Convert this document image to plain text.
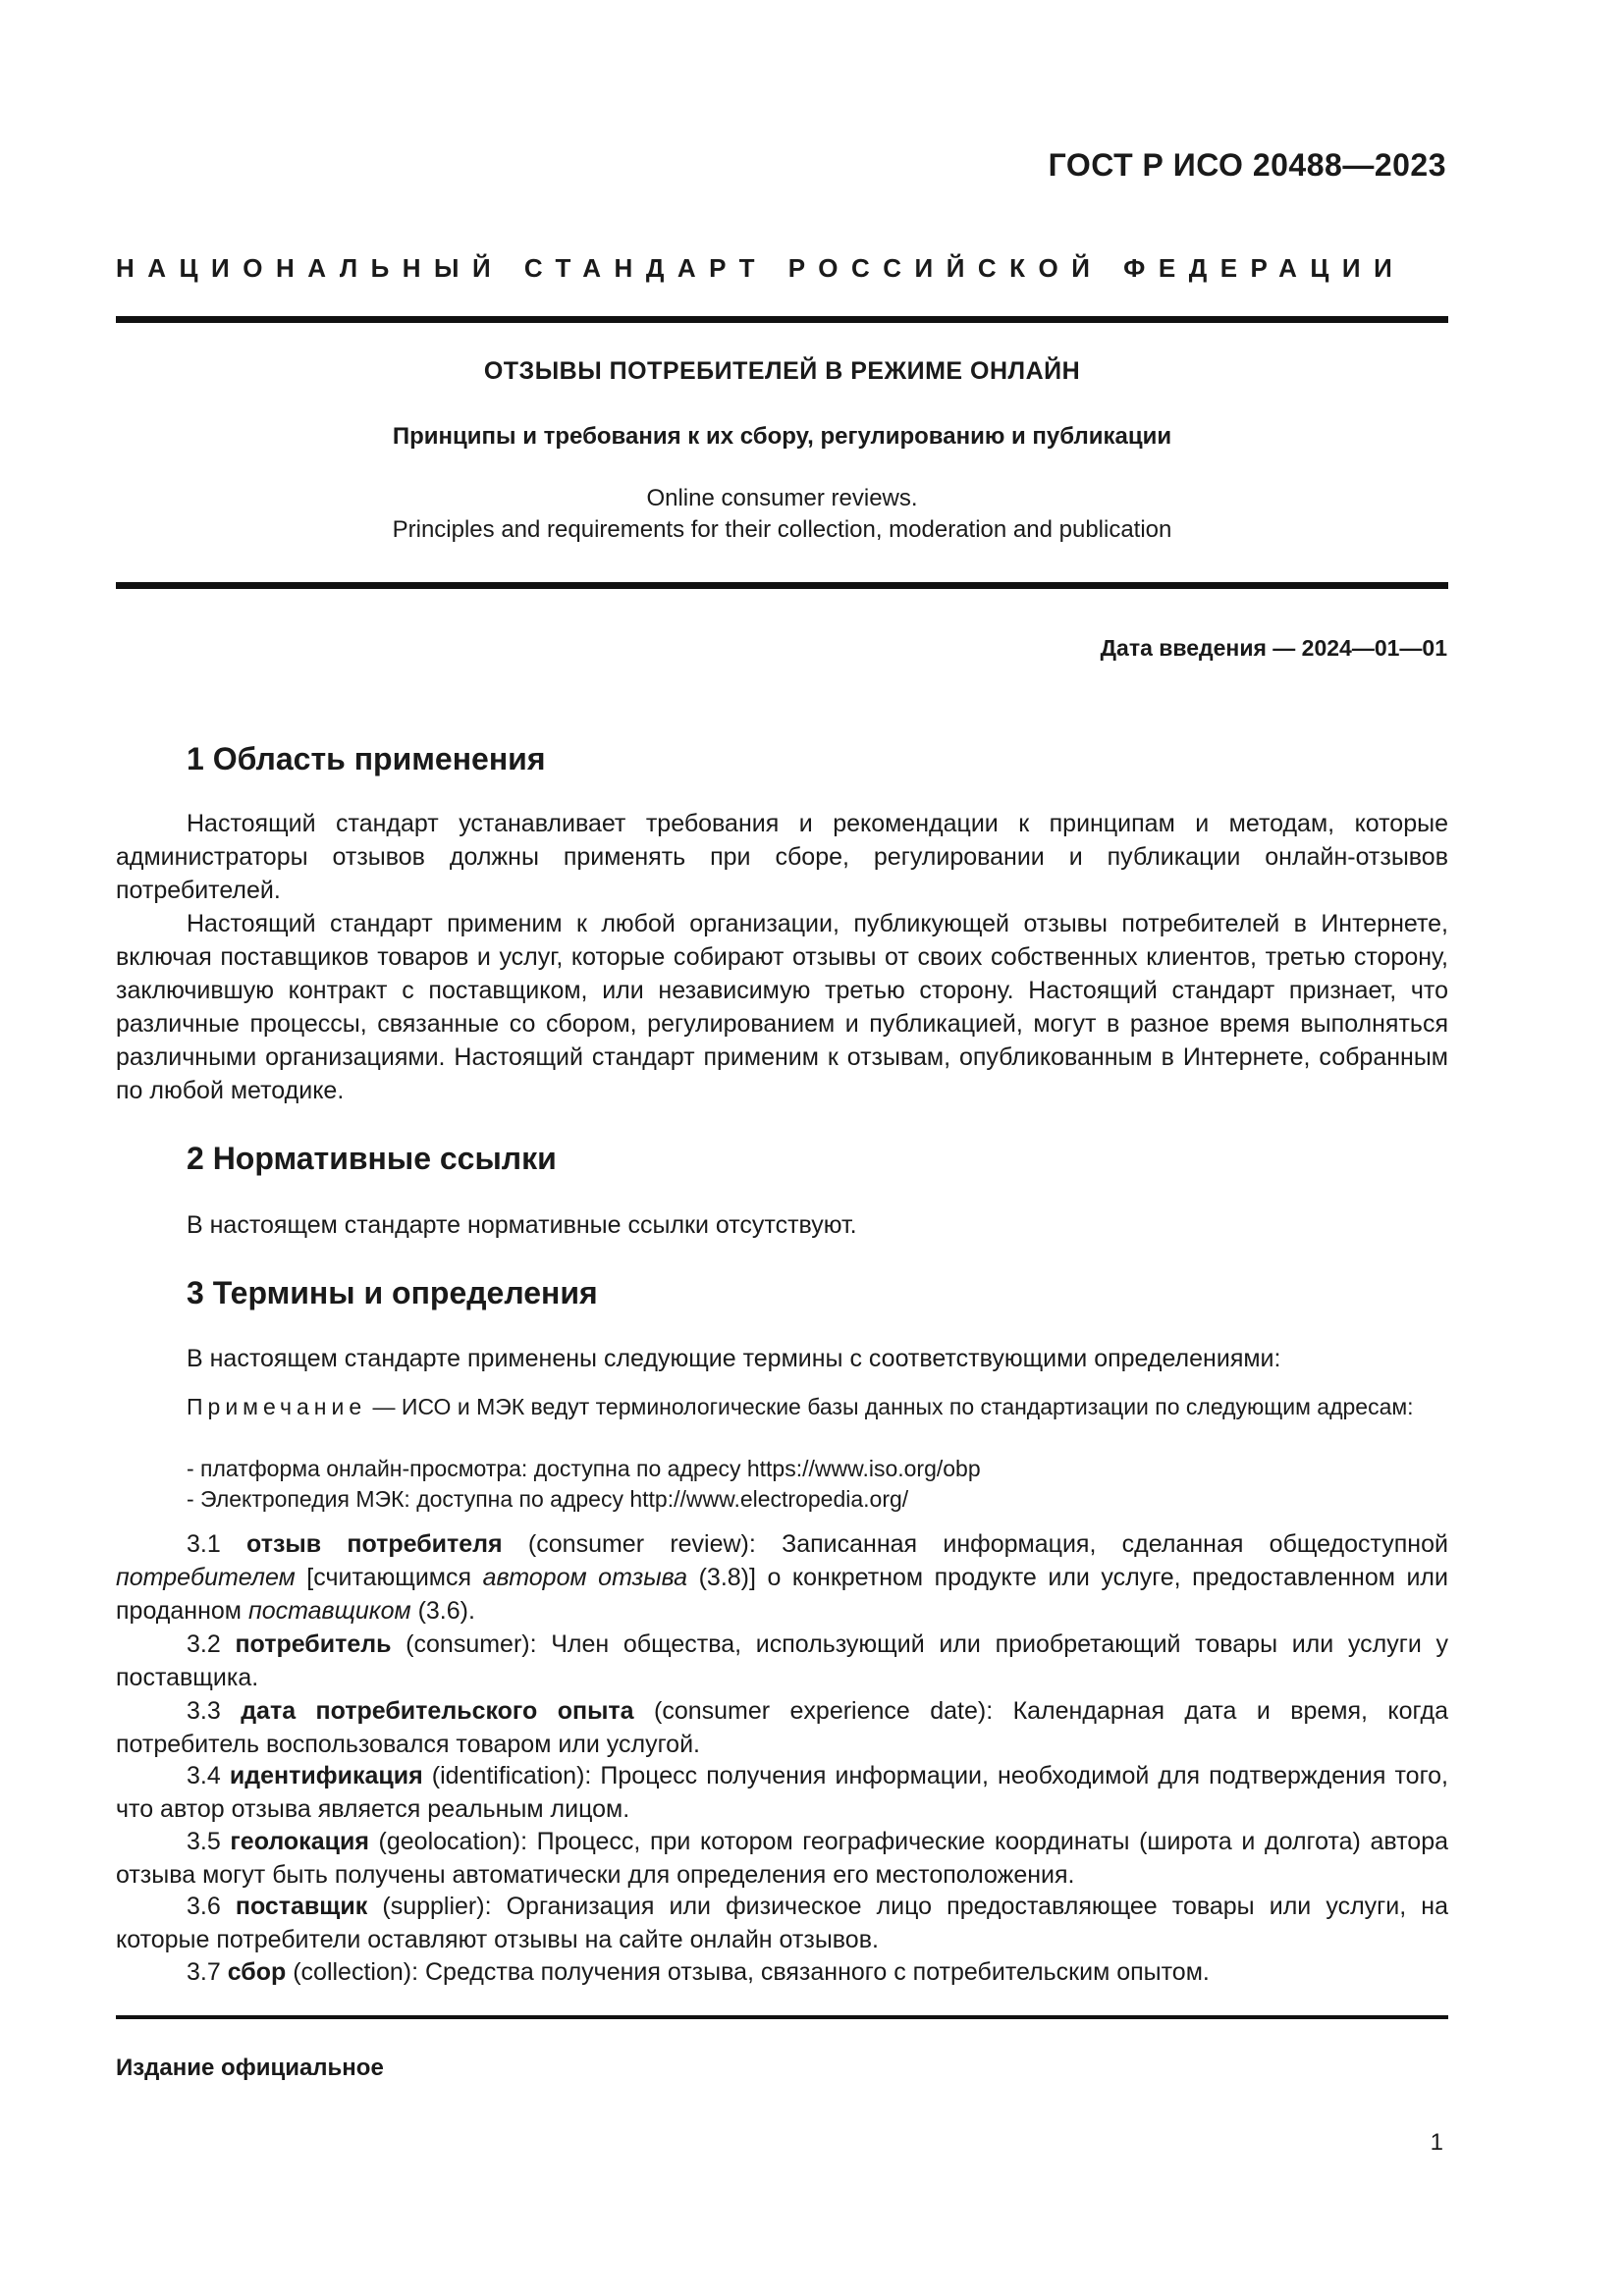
ГОСТ Р ИСО 20488—2023
НАЦИОНАЛЬНЫЙ СТАНДАРТ РОССИЙСКОЙ ФЕДЕРАЦИИ
ОТЗЫВЫ ПОТРЕБИТЕЛЕЙ В РЕЖИМЕ ОНЛАЙН
Принципы и требования к их сбору, регулированию и публикации
Online consumer reviews.
Principles and requirements for their collection, moderation and publication
Дата введения — 2024—01—01
1 Область применения
Настоящий стандарт устанавливает требования и рекомендации к принципам и методам, которые администраторы отзывов должны применять при сборе, регулировании и публикации онлайн-отзывов потребителей.
Настоящий стандарт применим к любой организации, публикующей отзывы потребителей в Интернете, включая поставщиков товаров и услуг, которые собирают отзывы от своих собственных клиентов, третью сторону, заключившую контракт с поставщиком, или независимую третью сторону. Настоящий стандарт признает, что различные процессы, связанные со сбором, регулированием и публикацией, могут в разное время выполняться различными организациями. Настоящий стандарт применим к отзывам, опубликованным в Интернете, собранным по любой методике.
2 Нормативные ссылки
В настоящем стандарте нормативные ссылки отсутствуют.
3 Термины и определения
В настоящем стандарте применены следующие термины с соответствующими определениями:
Примечание — ИСО и МЭК ведут терминологические базы данных по стандартизации по следующим адресам:
- платформа онлайн-просмотра: доступна по адресу https://www.iso.org/obp
- Электропедия МЭК: доступна по адресу http://www.electropedia.org/
3.1 отзыв потребителя (consumer review): Записанная информация, сделанная общедоступной потребителем [считающимся автором отзыва (3.8)] о конкретном продукте или услуге, предоставленном или проданном поставщиком (3.6).
3.2 потребитель (consumer): Член общества, использующий или приобретающий товары или услуги у поставщика.
3.3 дата потребительского опыта (consumer experience date): Календарная дата и время, когда потребитель воспользовался товаром или услугой.
3.4 идентификация (identification): Процесс получения информации, необходимой для подтверждения того, что автор отзыва является реальным лицом.
3.5 геолокация (geolocation): Процесс, при котором географические координаты (широта и долгота) автора отзыва могут быть получены автоматически для определения его местоположения.
3.6 поставщик (supplier): Организация или физическое лицо предоставляющее товары или услуги, на которые потребители оставляют отзывы на сайте онлайн отзывов.
3.7 сбор (collection): Средства получения отзыва, связанного с потребительским опытом.
Издание официальное
1
